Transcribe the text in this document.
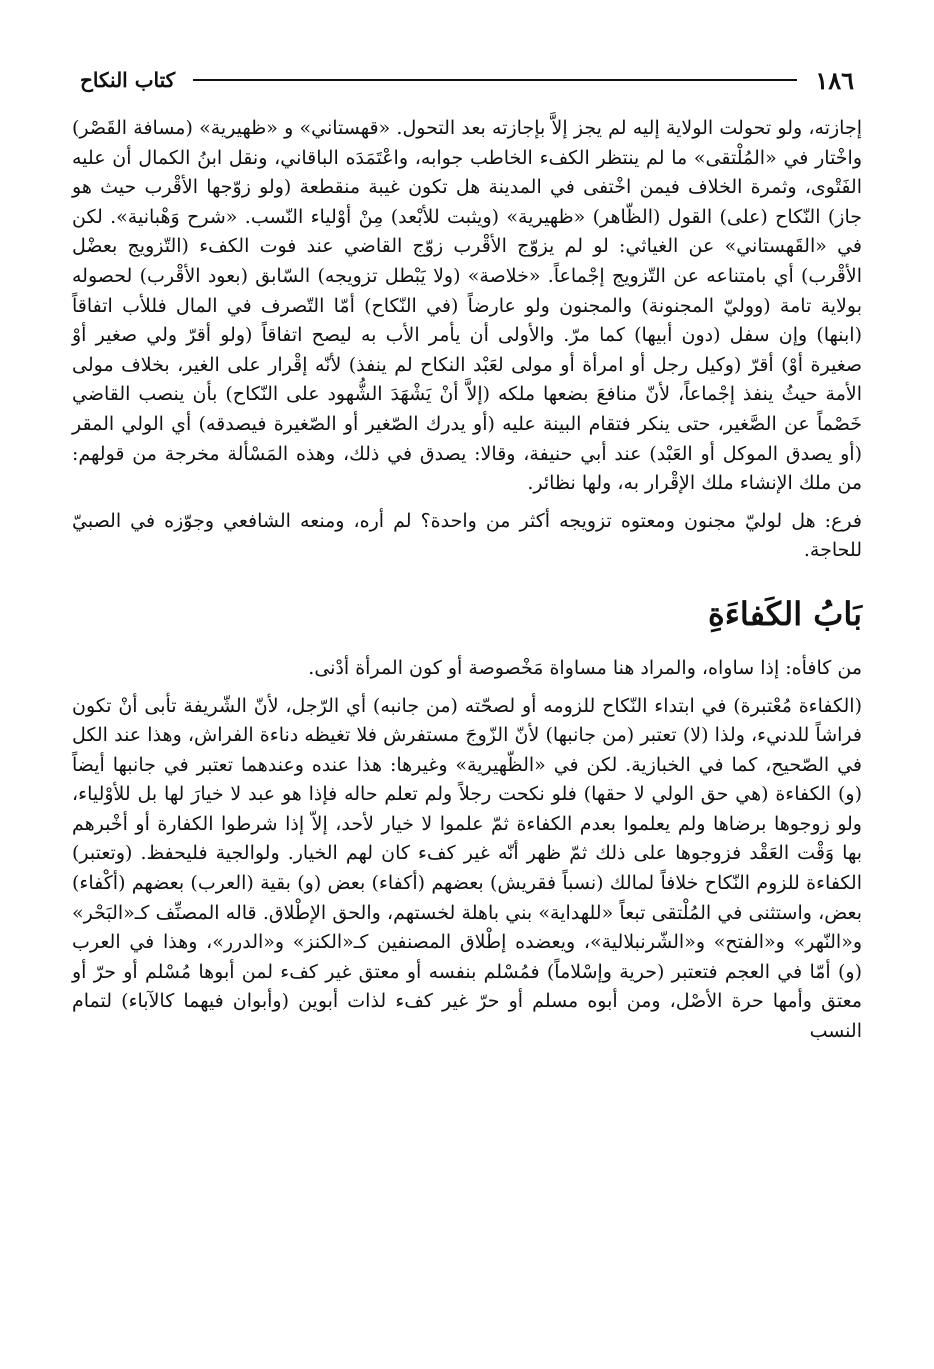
١٨٦
كتاب النكاح

إجازته، ولو تحولت الولاية إليه لم يجز إلاَّ بإجازته بعد التحول. «قهستاني» و «ظهيرية» (مسافة القَصْر) واخْتار في «المُلْتقى» ما لم ينتظر الكفء الخاطب جوابه، واعْتَمَدَه الباقاني، ونقل ابنُ الكمال أن عليه الفَتْوى، وثمرة الخلاف فيمن اخْتفى في المدينة هل تكون غيبة منقطعة (ولو زوّجها الأقْرب حيث هو جاز) النّكاح (على) القول (الظّاهر) «ظهيرية» (ويثبت للأبْعد) مِنْ أوْلياء النّسب. «شرح وَهْبانية». لكن في «القَهستاني» عن الغياثي: لو لم يزوّج الأقْرب زوّج القاضي عند فوت الكفء (التّزويج بعضْل الأقْرب) أي بامتناعه عن التّزويج إجْماعاً. «خلاصة» (ولا يَبْطل تزويجه) السّابق (بعود الأقْرب) لحصوله بولاية تامة (ووليّ المجنونة) والمجنون ولو عارضاً (في النّكاح) أمّا التّصرف في المال فللأب اتفاقاً (ابنها) وإن سفل (دون أبيها) كما مرّ. والأولى أن يأمر الأب به ليصح اتفاقاً (ولو أقرّ ولي صغير أوْ صغيرة أوْ) أقرّ (وكيل رجل أو امرأة أو مولى لعَبْد النكاح لم ينفذ) لأنّه إقْرار على الغير، بخلاف مولى الأمة حيثُ ينفذ إجْماعاً، لأنّ منافعَ بضعها ملكه (إلاَّ أنْ يَشْهَدَ الشُّهود على النّكاح) بأن ينصب القاضي خَصْماً عن الصَّغير، حتى ينكر فتقام البينة عليه (أو يدرك الصّغير أو الصّغيرة فيصدقه) أي الولي المقر (أو يصدق الموكل أو العَبْد) عند أبي حنيفة، وقالا: يصدق في ذلك، وهذه المَسْألة مخرجة من قولهم: من ملك الإنشاء ملك الإقْرار به، ولها نظائر.

فرع: هل لوليّ مجنون ومعتوه تزويجه أكثر من واحدة؟ لم أره، ومنعه الشافعي وجوّزه في الصبيّ للحاجة.

بَابُ الكَفاءَةِ

من كافأه: إذا ساواه، والمراد هنا مساواة مَخْصوصة أو كون المرأة أدْنى.

(الكفاءة مُعْتبرة) في ابتداء النّكاح للزومه أو لصحّته (من جانبه) أي الرّجل، لأنّ الشّريفة تأبى أنْ تكون فراشاً للدنيء، ولذا (لا) تعتبر (من جانبها) لأنّ الزّوجَ مستفرش فلا تغيظه دناءة الفراش، وهذا عند الكل في الصّحيح، كما في الخبازية. لكن في «الظّهيرية» وغيرها: هذا عنده وعندهما تعتبر في جانبها أيضاً (و) الكفاءة (هي حق الولي لا حقها) فلو نكحت رجلاً ولم تعلم حاله فإذا هو عبد لا خيارَ لها بل للأوْلياء، ولو زوجوها برضاها ولم يعلموا بعدم الكفاءة ثمّ علموا لا خيار لأحد، إلاّ إذا شرطوا الكفارة أو أخْبرهم بها وَقْت العَقْد فزوجوها على ذلك ثمّ ظهر أنّه غير كفء كان لهم الخيار. ولوالجية فليحفظ. (وتعتبر) الكفاءة للزوم النّكاح خلافاً لمالك (نسباً فقريش) بعضهم (أكفاء) بعض (و) بقية (العرب) بعضهم (أكْفاء) بعض، واستثنى في المُلْتقى تبعاً «للهداية» بني باهلة لخستهم، والحق الإطْلاق. قاله المصنِّف كـ«البَحْر» و«النّهر» و«الفتح» و«الشّرنبلالية»، ويعضده إطْلاق المصنفين كـ«الكنز» و«الدرر»، وهذا في العرب (و) أمّا في العجم فتعتبر (حرية وإسْلاماً) فمُسْلم بنفسه أو معتق غير كفء لمن أبوها مُسْلم أو حرّ أو معتق وأمها حرة الأصْل، ومن أبوه مسلم أو حرّ غير كفء لذات أبوين (وأبوان فيهما كالآباء) لتمام النسب
